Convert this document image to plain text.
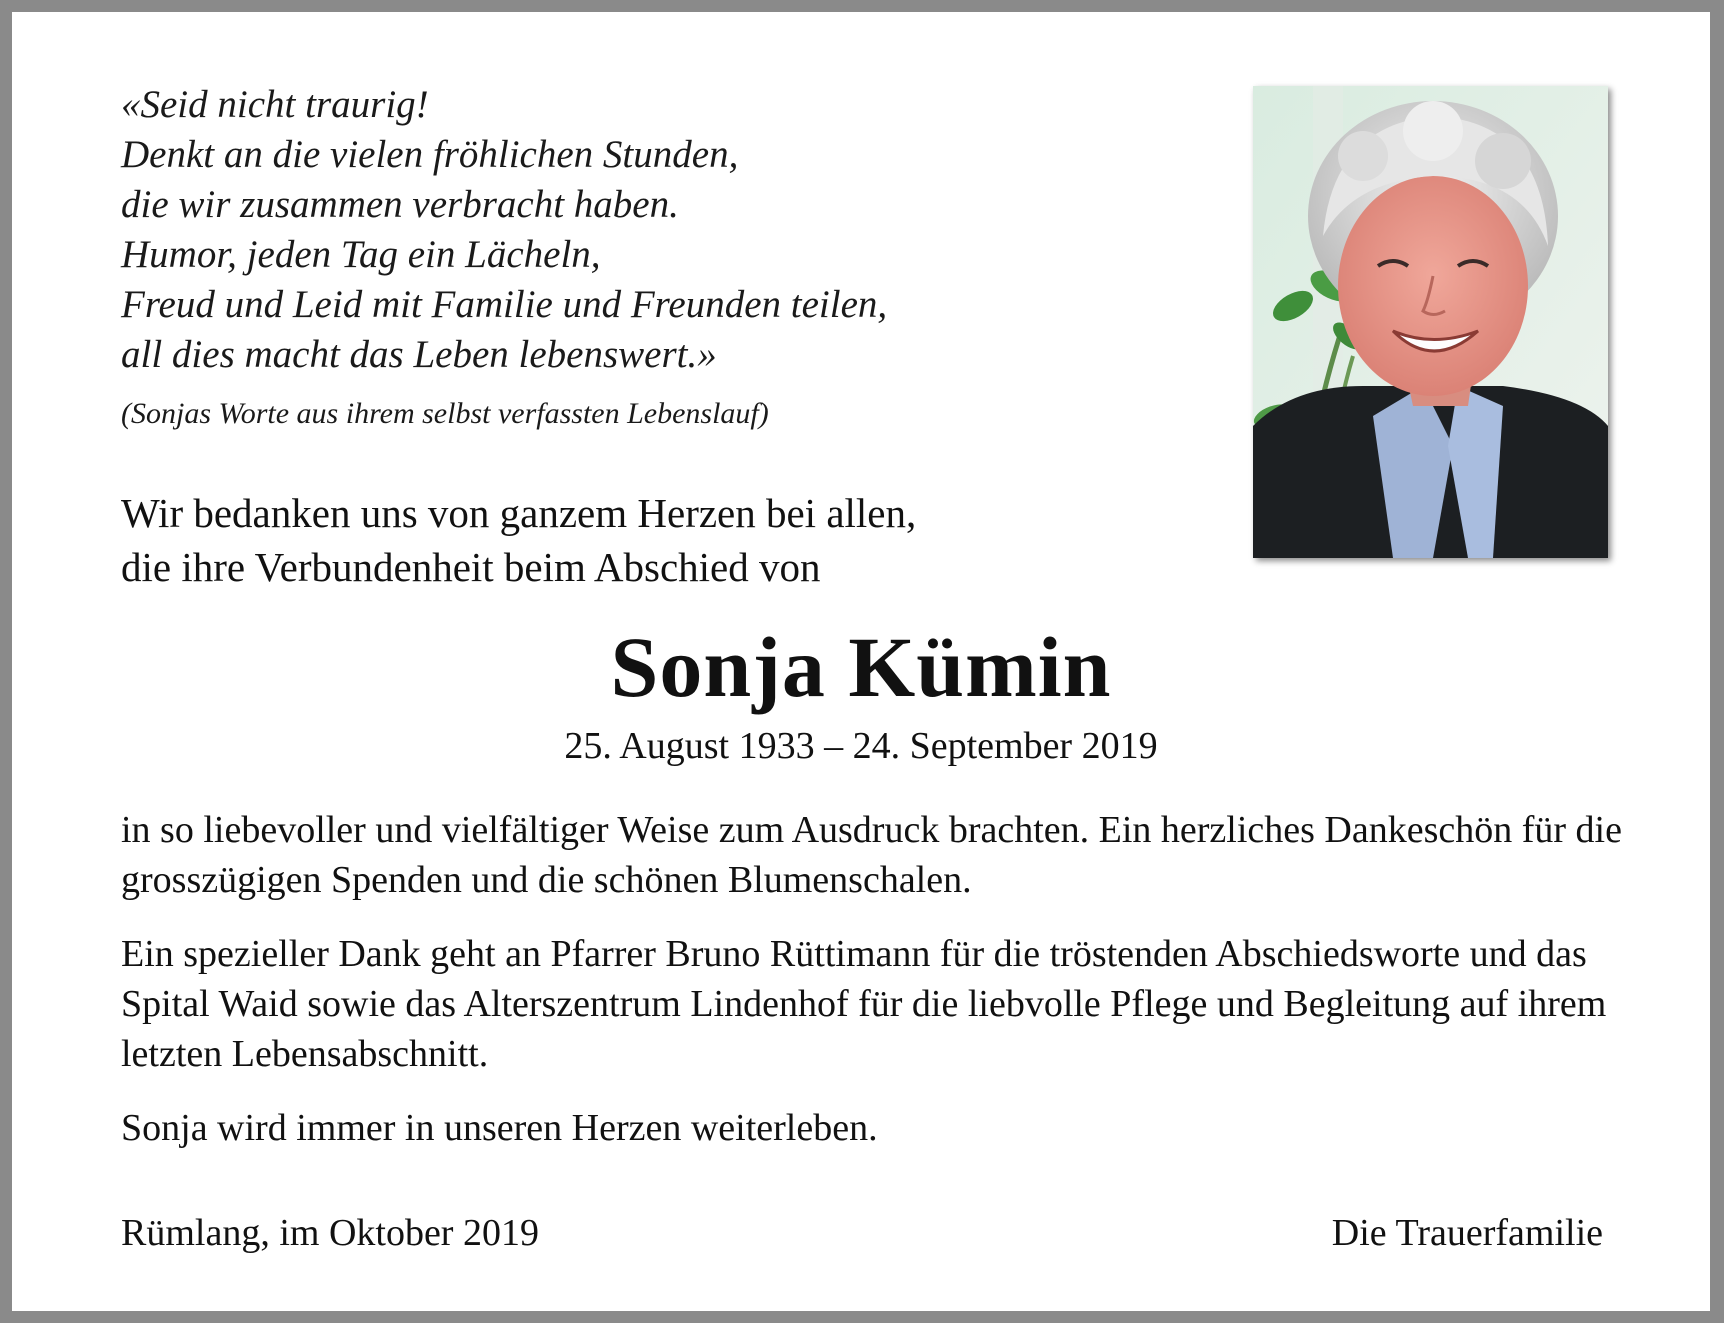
«Seid nicht traurig!
Denkt an die vielen fröhlichen Stunden,
die wir zusammen verbracht haben.
Humor, jeden Tag ein Lächeln,
Freud und Leid mit Familie und Freunden teilen,
all dies macht das Leben lebenswert.»
(Sonjas Worte aus ihrem selbst verfassten Lebenslauf)
Wir bedanken uns von ganzem Herzen bei allen,
die ihre Verbundenheit beim Abschied von
Sonja Kümin
25. August 1933 – 24. September 2019
in so liebevoller und vielfältiger Weise zum Ausdruck brachten. Ein herzliches Dankeschön für die grosszügigen Spenden und die schönen Blumenschalen.
Ein spezieller Dank geht an Pfarrer Bruno Rüttimann für die tröstenden Abschiedsworte und das Spital Waid sowie das Alterszentrum Lindenhof für die liebvolle Pflege und Begleitung auf ihrem letzten Lebensabschnitt.
Sonja wird immer in unseren Herzen weiterleben.
Rümlang, im Oktober 2019	Die Trauerfamilie
